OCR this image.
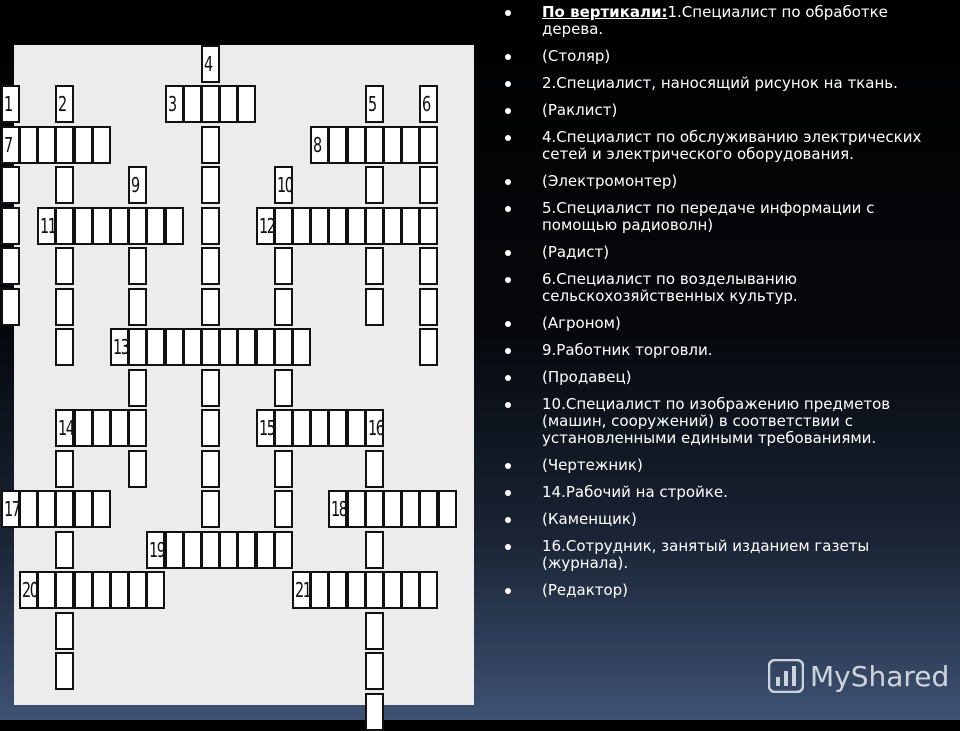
1 2	3
4
5 6
7	8
9	10
11	12
13
14	15	16
17	18
19
20	21
По вертикали:1.Специалист по обработке дерева.
(Столяр)
2.Специалист, наносящий рисунок на ткань.
(Раклист)
4.Специалист по обслуживанию электрических сетей и электрического оборудования.
(Электромонтер)
5.Специалист по передаче информации с помощью радиоволн)
(Радист)
6.Специалист по возделыванию сельскохозяйственных культур.
(Агроном)
9.Работник торговли.
(Продавец)
10.Специалист по изображению предметов (машин, сооружений) в соответствии с установленными едиными требованиями.
(Чертежник)
14.Рабочий на стройке.
(Каменщик)
16.Сотрудник, занятый изданием газеты (журнала).
(Редактор)
MyShared
